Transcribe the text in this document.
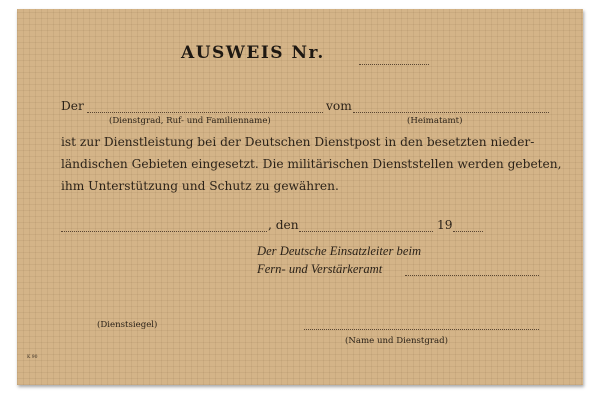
AUSWEIS Nr.
Der	vom
(Dienstgrad, Ruf- und Familienname)	(Heimatamt)
ist zur Dienstleistung bei der Deutschen Dienstpost in den besetzten nieder-
ländischen Gebieten eingesetzt. Die militärischen Dienststellen werden gebeten,
ihm Unterstützung und Schutz zu gewähren.
, den	19
Der Deutsche Einsatzleiter beim
Fern- und Verstärkeramt
(Dienstsiegel)
(Name und Dienstgrad)
K 90
